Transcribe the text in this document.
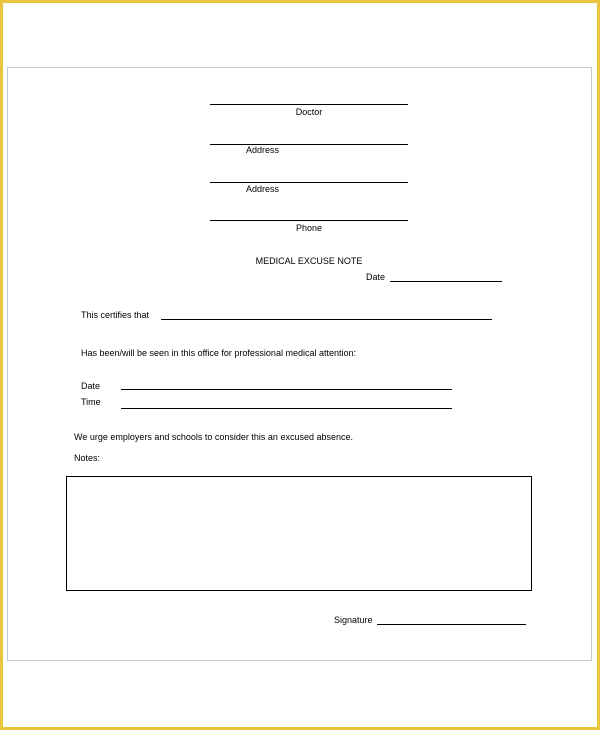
Doctor
Address
Address
Phone
MEDICAL EXCUSE NOTE
Date
This certifies that
Has been/will be seen in this office for professional medical attention:
Date
Time
We urge employers and schools to consider this an excused absence.
Notes:
Signature
